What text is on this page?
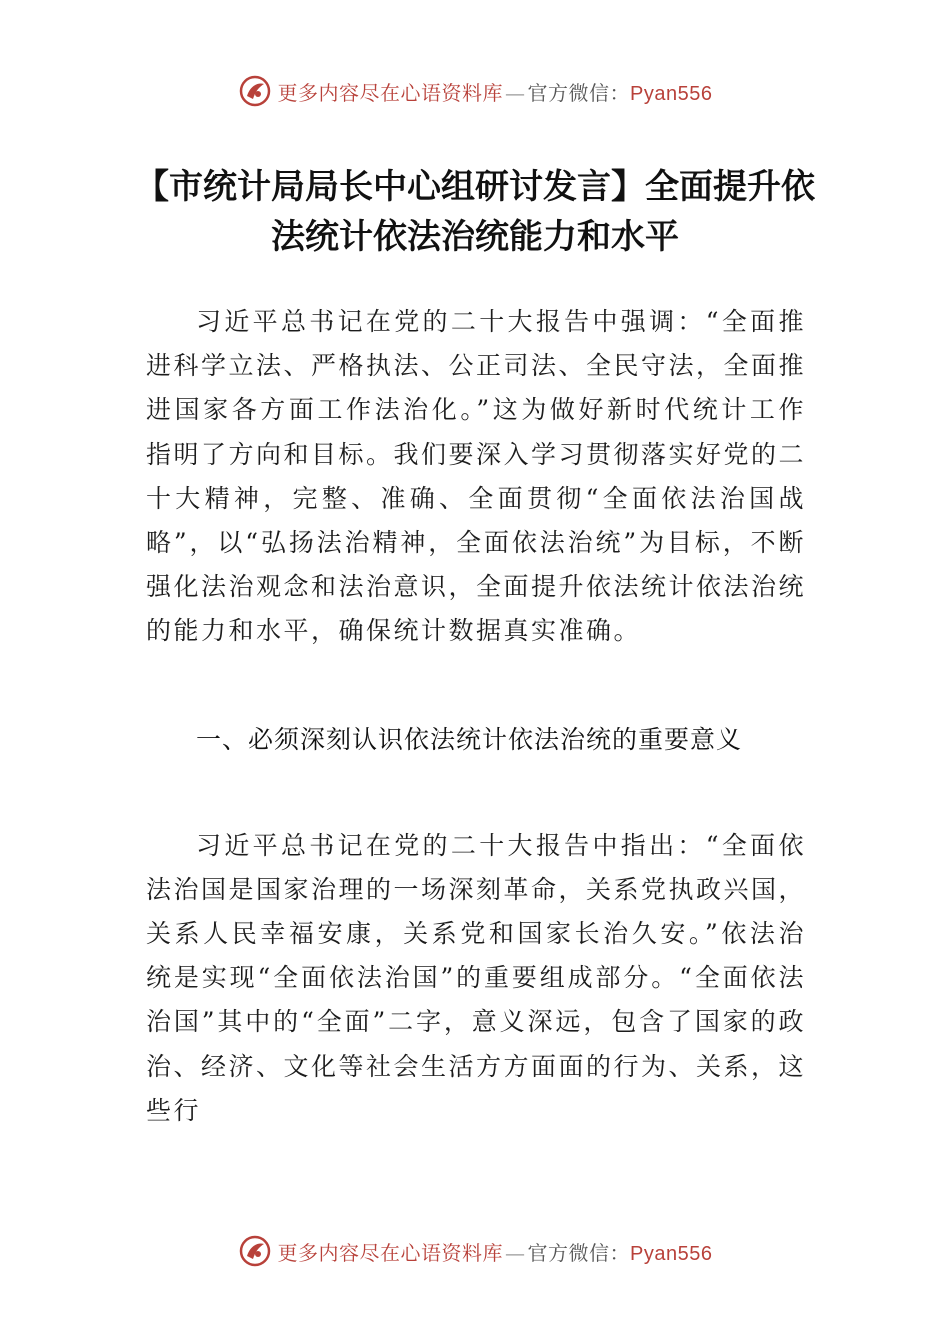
更多内容尽在心语资料库 — 官方微信：Pyan556
【市统计局局长中心组研讨发言】全面提升依法统计依法治统能力和水平

习近平总书记在党的二十大报告中强调：“全面推进科学立法、严格执法、公正司法、全民守法，全面推进国家各方面工作法治化。”这为做好新时代统计工作指明了方向和目标。我们要深入学习贯彻落实好党的二十大精神，完整、准确、全面贯彻“全面依法治国战略”，以“弘扬法治精神，全面依法治统”为目标，不断强化法治观念和法治意识，全面提升依法统计依法治统的能力和水平，确保统计数据真实准确。

一、必须深刻认识依法统计依法治统的重要意义

习近平总书记在党的二十大报告中指出：“全面依法治国是国家治理的一场深刻革命，关系党执政兴国，关系人民幸福安康，关系党和国家长治久安。”依法治统是实现“全面依法治国”的重要组成部分。“全面依法治国”其中的“全面”二字，意义深远，包含了国家的政治、经济、文化等社会生活方方面面的行为、关系，这些行

更多内容尽在心语资料库 — 官方微信：Pyan556
